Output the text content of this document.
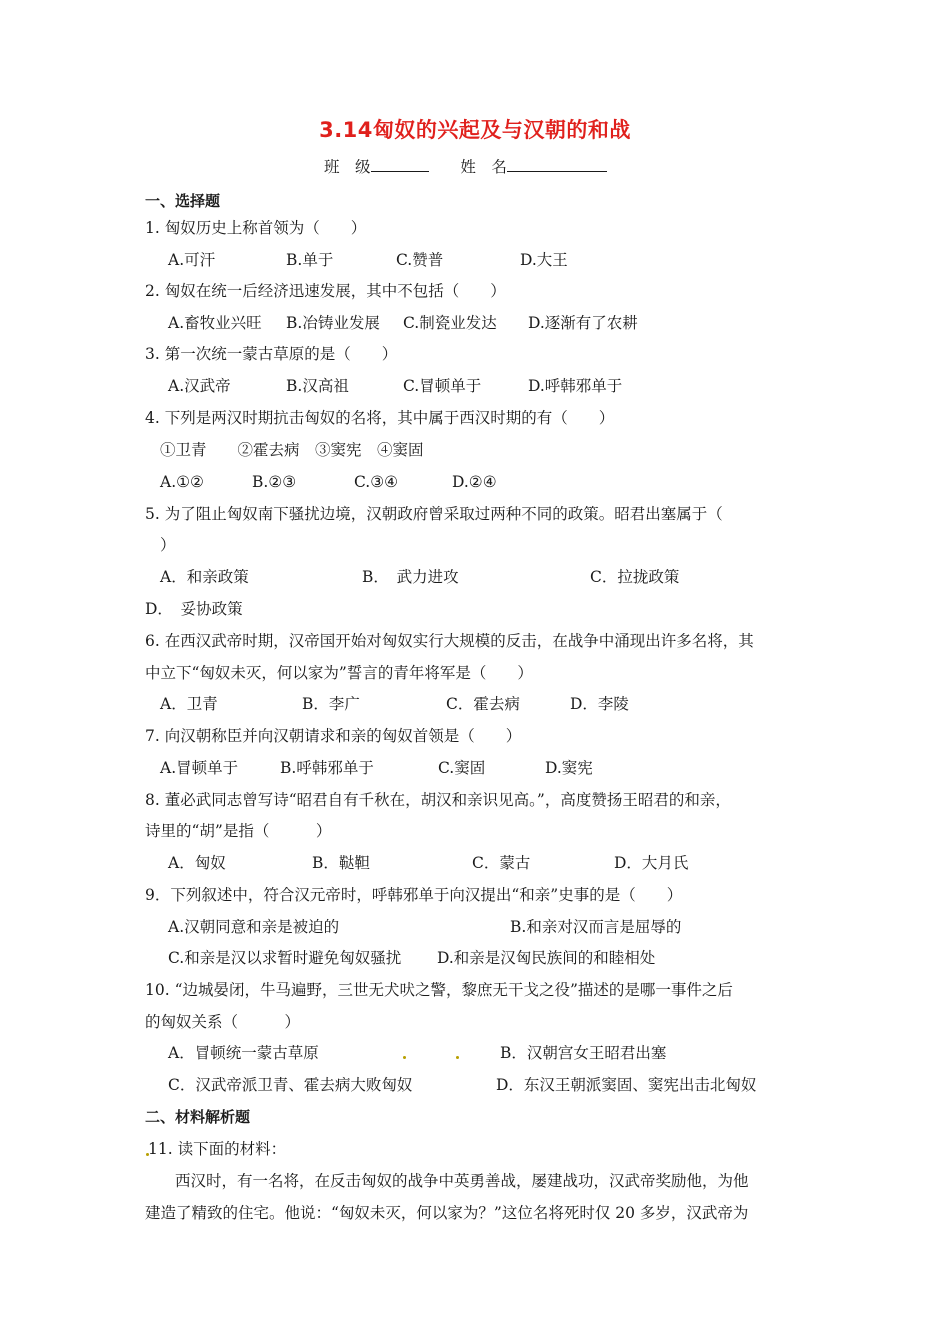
3.14匈奴的兴起及与汉朝的和战
班　级	姓　名
一、选择题
1. 匈奴历史上称首领为（　　）
A.可汗	B.单于	C.赞普	D.大王
2. 匈奴在统一后经济迅速发展，其中不包括（　　）
A.畜牧业兴旺 B.冶铸业发展 C.制瓷业发达 D.逐渐有了农耕
3. 第一次统一蒙古草原的是（　　）
A.汉武帝	B.汉高祖	C.冒顿单于	D.呼韩邪单于
4. 下列是两汉时期抗击匈奴的名将，其中属于西汉时期的有（　　）
①卫青　　②霍去病　③窦宪　④窦固
A.①②	B.②③	C.③④	D.②④
5. 为了阻止匈奴南下骚扰边境，汉朝政府曾采取过两种不同的政策。昭君出塞属于（
）
A．和亲政策	B．　武力进攻	C．拉拢政策
D．　妥协政策
6. 在西汉武帝时期，汉帝国开始对匈奴实行大规模的反击，在战争中涌现出许多名将，其
中立下“匈奴未灭，何以家为”誓言的青年将军是（　　）
A．卫青	B．李广	C．霍去病	D．李陵
7. 向汉朝称臣并向汉朝请求和亲的匈奴首领是（　　）
A.冒顿单于	B.呼韩邪单于	C.窦固	D.窦宪
8. 董必武同志曾写诗“昭君自有千秋在，胡汉和亲识见高。”，高度赞扬王昭君的和亲，
诗里的“胡”是指（　　　）
A．匈奴	B．鞑靼	C．蒙古	D．大月氏
9．下列叙述中，符合汉元帝时，呼韩邪单于向汉提出“和亲”史事的是（　　）
A.汉朝同意和亲是被迫的	B.和亲对汉而言是屈辱的
C.和亲是汉以求暂时避免匈奴骚扰 D.和亲是汉匈民族间的和睦相处
10. “边城晏闭，牛马遍野，三世无犬吠之警，黎庶无干戈之役”描述的是哪一事件之后
的匈奴关系（　　　）
A．冒顿统一蒙古草原	B．汉朝宫女王昭君出塞
C．汉武帝派卫青、霍去病大败匈奴	D．东汉王朝派窦固、窦宪出击北匈奴
二、材料解析题
11. 读下面的材料：
西汉时，有一名将，在反击匈奴的战争中英勇善战，屡建战功，汉武帝奖励他，为他
建造了精致的住宅。他说：“匈奴未灭，何以家为？”这位名将死时仅 20 多岁，汉武帝为
